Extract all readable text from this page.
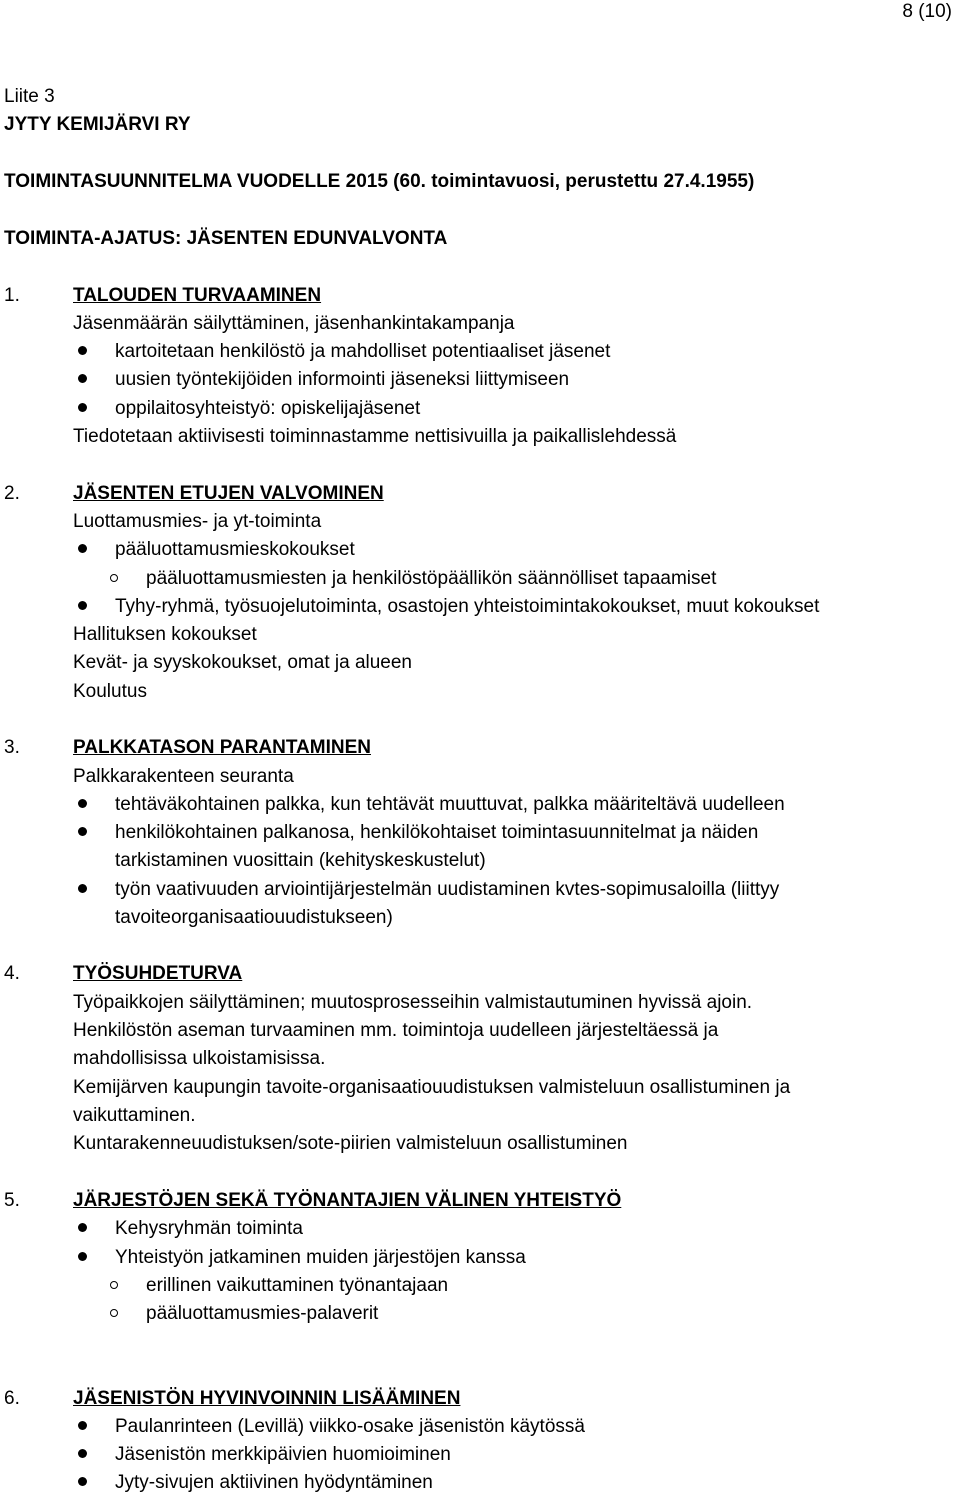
8 (10)
Liite 3
JYTY KEMIJÄRVI RY
TOIMINTASUUNNITELMA VUODELLE 2015 (60. toimintavuosi, perustettu 27.4.1955)
TOIMINTA-AJATUS: JÄSENTEN EDUNVALVONTA
1.	TALOUDEN TURVAAMINEN
Jäsenmäärän säilyttäminen, jäsenhankintakampanja
kartoitetaan henkilöstö ja mahdolliset potentiaaliset jäsenet
uusien työntekijöiden informointi jäseneksi liittymiseen
oppilaitosyhteistyö: opiskelijajäsenet
Tiedotetaan aktiivisesti toiminnastamme nettisivuilla ja paikallislehdessä
2.	JÄSENTEN ETUJEN VALVOMINEN
Luottamusmies- ja yt-toiminta
pääluottamusmieskokoukset
pääluottamusmiesten ja henkilöstöpäällikön säännölliset tapaamiset
Tyhy-ryhmä, työsuojelutoiminta, osastojen yhteistoimintakokoukset, muut kokoukset
Hallituksen kokoukset
Kevät- ja syyskokoukset, omat ja alueen
Koulutus
3.	PALKKATASON PARANTAMINEN
Palkkarakenteen seuranta
tehtäväkohtainen palkka, kun tehtävät muuttuvat, palkka määriteltävä uudelleen
henkilökohtainen palkanosa, henkilökohtaiset toimintasuunnitelmat ja näiden
tarkistaminen vuosittain (kehityskeskustelut)
työn vaativuuden arviointijärjestelmän uudistaminen kvtes-sopimusaloilla (liittyy
tavoiteorganisaatiouudistukseen)
4.	TYÖSUHDETURVA
Työpaikkojen säilyttäminen; muutosprosesseihin valmistautuminen hyvissä ajoin.
Henkilöstön aseman turvaaminen mm. toimintoja uudelleen järjesteltäessä ja
mahdollisissa ulkoistamisissa.
Kemijärven kaupungin tavoite-organisaatiouudistuksen valmisteluun osallistuminen ja
vaikuttaminen.
Kuntarakenneuudistuksen/sote-piirien valmisteluun osallistuminen
5.	JÄRJESTÖJEN SEKÄ TYÖNANTAJIEN VÄLINEN YHTEISTYÖ
Kehysryhmän toiminta
Yhteistyön jatkaminen muiden järjestöjen kanssa
erillinen vaikuttaminen työnantajaan
pääluottamusmies-palaverit
6.	JÄSENISTÖN HYVINVOINNIN LISÄÄMINEN
Paulanrinteen (Levillä) viikko-osake jäsenistön käytössä
Jäsenistön merkkipäivien huomioiminen
Jyty-sivujen aktiivinen hyödyntäminen
